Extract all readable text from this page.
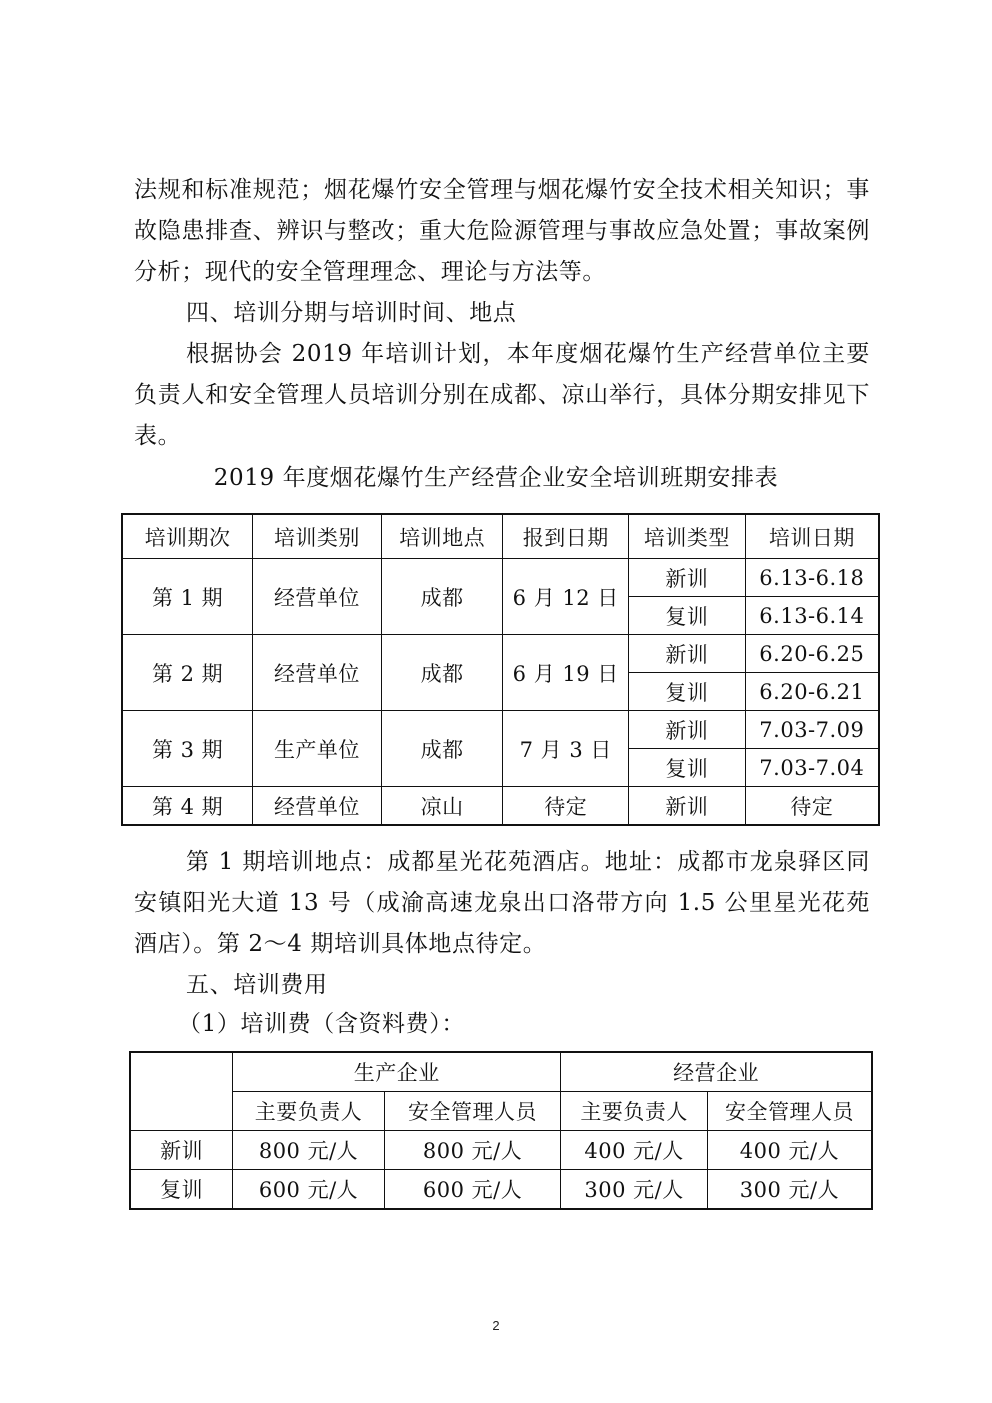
法规和标准规范；烟花爆竹安全管理与烟花爆竹安全技术相关知识；事故隐患排查、辨识与整改；重大危险源管理与事故应急处置；事故案例分析；现代的安全管理理念、理论与方法等。

四、培训分期与培训时间、地点

根据协会 2019 年培训计划，本年度烟花爆竹生产经营单位主要负责人和安全管理人员培训分别在成都、凉山举行，具体分期安排见下表。

2019 年度烟花爆竹生产经营企业安全培训班期安排表

培训期次	培训类别	培训地点	报到日期	培训类型	培训日期
第 1 期	经营单位	成都	6 月 12 日	新训	6.13-6.18
				复训	6.13-6.14
第 2 期	经营单位	成都	6 月 19 日	新训	6.20-6.25
				复训	6.20-6.21
第 3 期	生产单位	成都	7 月 3 日	新训	7.03-7.09
				复训	7.03-7.04
第 4 期	经营单位	凉山	待定	新训	待定

第 1 期培训地点：成都星光花苑酒店。地址：成都市龙泉驿区同安镇阳光大道 13 号（成渝高速龙泉出口洛带方向 1.5 公里星光花苑酒店）。第 2～4 期培训具体地点待定。

五、培训费用

（1）培训费（含资料费）：

	生产企业		经营企业	
	主要负责人	安全管理人员	主要负责人	安全管理人员
新训	800 元/人	800 元/人	400 元/人	400 元/人
复训	600 元/人	600 元/人	300 元/人	300 元/人
2
